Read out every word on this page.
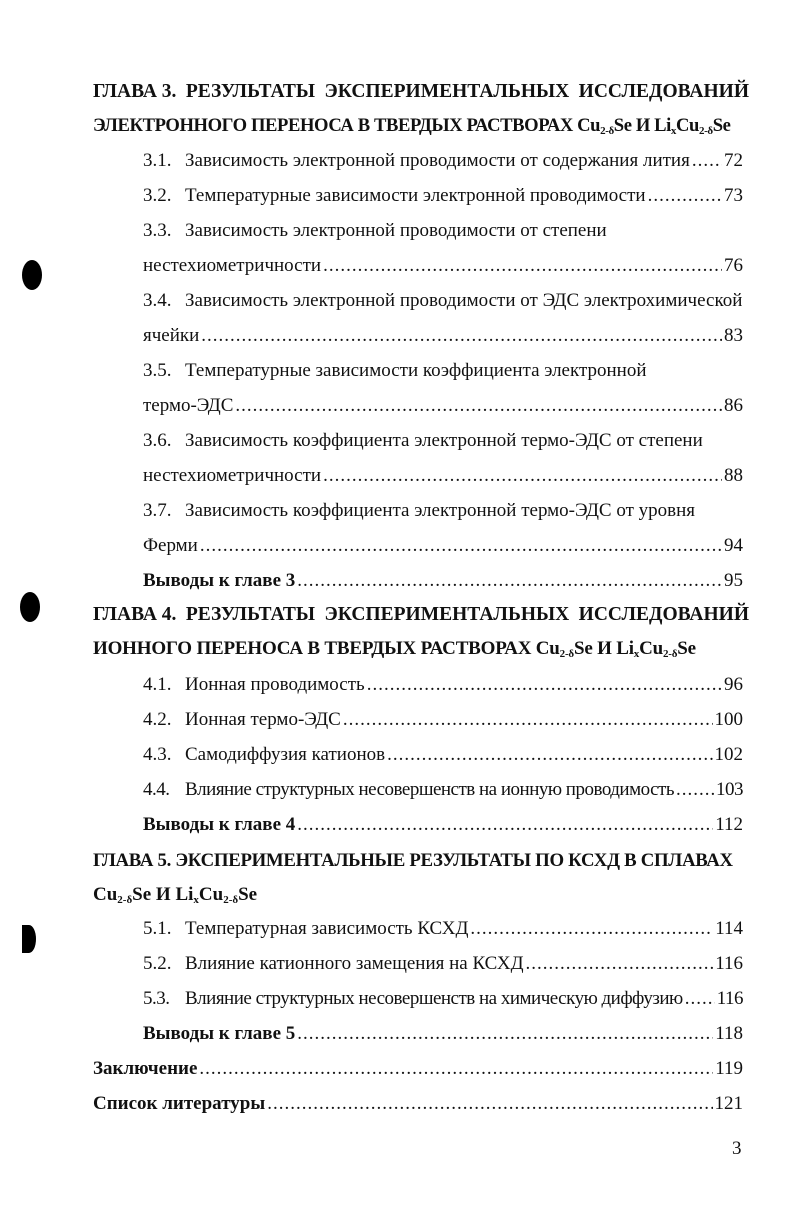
ГЛАВА 3. РЕЗУЛЬТАТЫ ЭКСПЕРИМЕНТАЛЬНЫХ ИССЛЕДОВАНИЙ
ЭЛЕКТРОННОГО ПЕРЕНОСА В ТВЕРДЫХ РАСТВОРАХ $Cu_{2-\delta}Se$ И $Li_xCu_{2-\delta}Se$
3.1. Зависимость электронной проводимости от содержания лития ..... 72
3.2. Температурные зависимости электронной проводимости .....	73
3.3. Зависимость электронной проводимости от степени
нестехиометричности .....	76
3.4. Зависимость электронной проводимости от ЭДС электрохимической
ячейки .....	83
3.5. Температурные зависимости коэффициента электронной
термо-ЭДС .....	86
3.6. Зависимость коэффициента электронной термо-ЭДС от степени
нестехиометричности .....	88
3.7. Зависимость коэффициента электронной термо-ЭДС от уровня
Ферми .....	94
Выводы к главе 3 .....	95
ГЛАВА 4. РЕЗУЛЬТАТЫ ЭКСПЕРИМЕНТАЛЬНЫХ ИССЛЕДОВАНИЙ
ИОННОГО ПЕРЕНОСА В ТВЕРДЫХ РАСТВОРАХ $Cu_{2-\delta}Se$ И $Li_xCu_{2-\delta}Se$
4.1. Ионная проводимость .....	96
4.2. Ионная термо-ЭДС .....	100
4.3. Самодиффузия катионов .....	102
4.4. Влияние структурных несовершенств на ионную проводимость ..... 103
Выводы к главе 4 .....	112
ГЛАВА 5. ЭКСПЕРИМЕНТАЛЬНЫЕ РЕЗУЛЬТАТЫ ПО КСХД В СПЛАВАХ
$Cu_{2-\delta}Se$ И $Li_xCu_{2-\delta}Se$
5.1. Температурная зависимость КСХД .....	114
5.2. Влияние катионного замещения на КСХД .....	116
5.3. Влияние структурных несовершенств на химическую диффузию ..... 116
Выводы к главе 5 .....	118
Заключение .....	119
Список литературы .....	121
3
